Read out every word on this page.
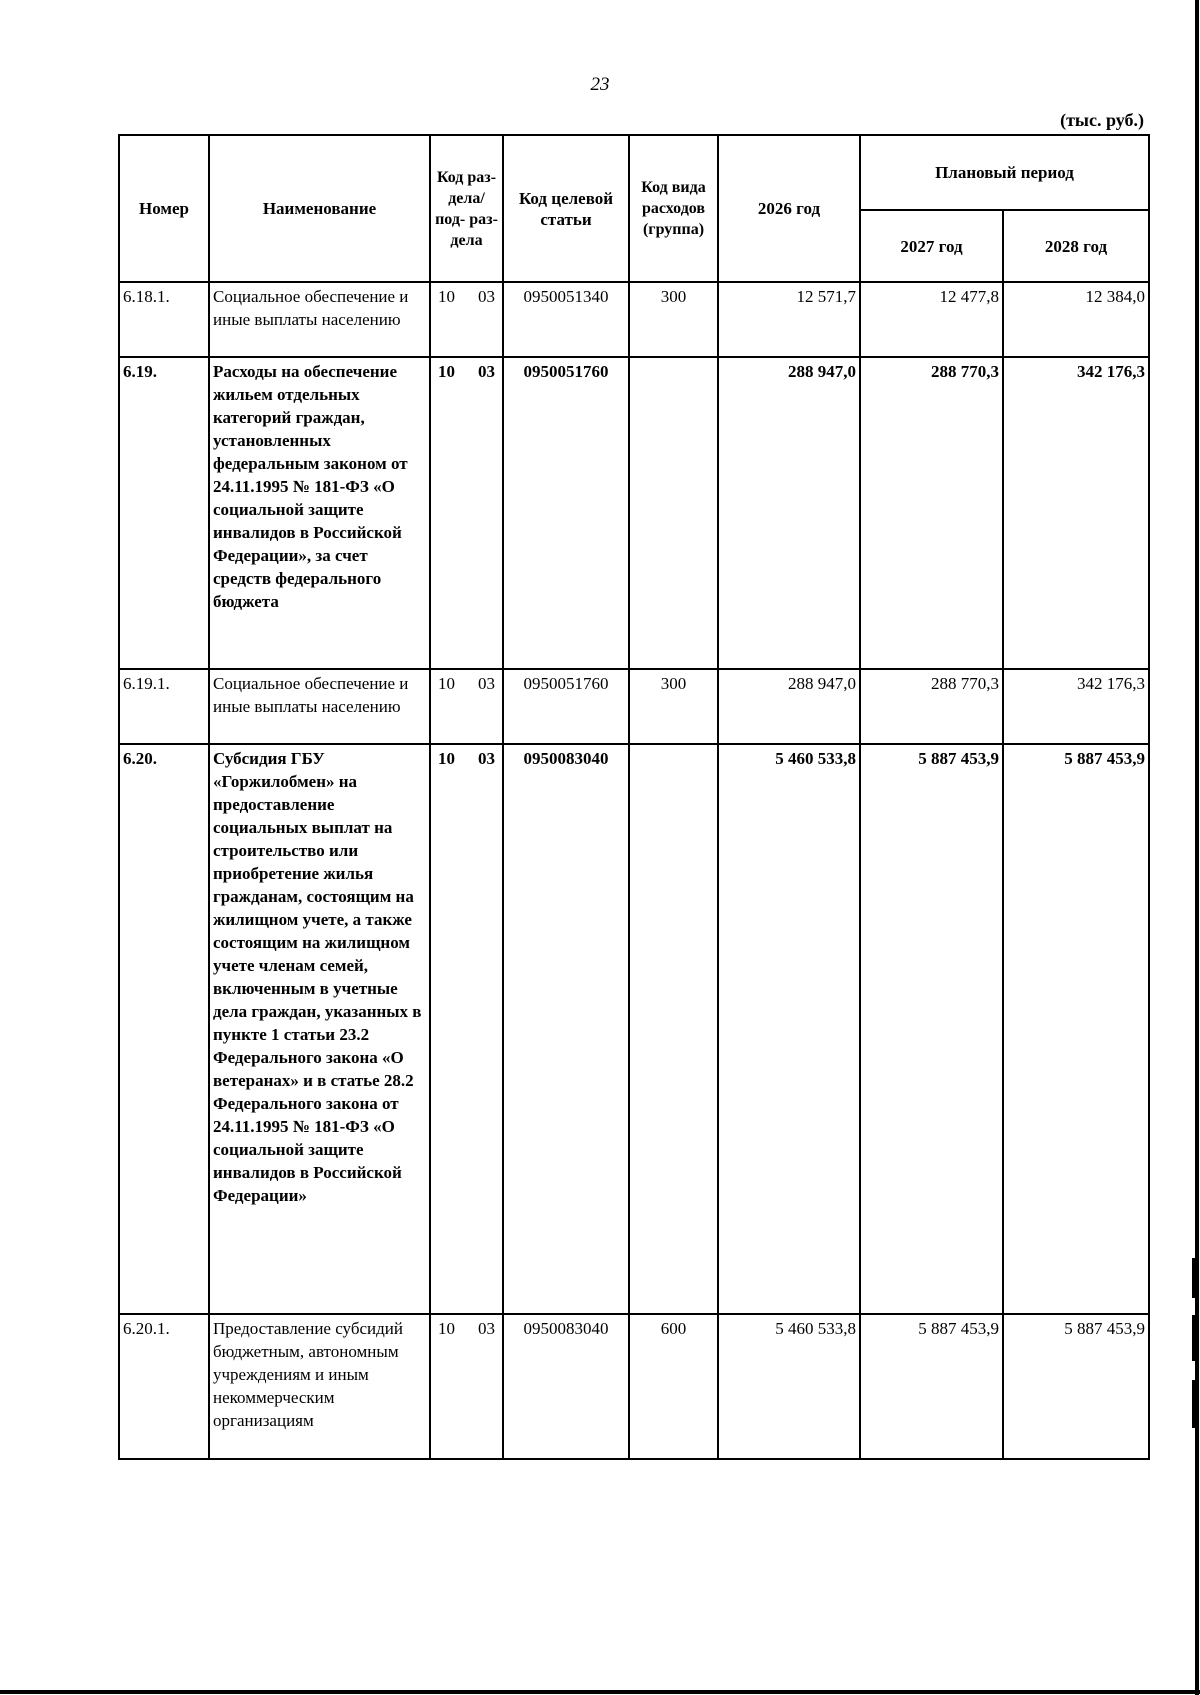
23
(тыс. руб.)
Номер	Наименование	Код раз- дела/ под- раз- дела	Код целевой статьи	Код вида расходов (группа)	2026 год	Плановый период	
						2027 год	2028 год
6.18.1.	Социальное обеспечение и иные выплаты населению	10 03	0950051340	300	12 571,7	12 477,8	12 384,0
6.19.	Расходы на обеспечение жильем отдельных категорий граждан, установленных федеральным законом от 24.11.1995 № 181-ФЗ «О социальной защите инвалидов в Российской Федерации», за счет средств федерального бюджета	10 03	0950051760		288 947,0	288 770,3	342 176,3
6.19.1.	Социальное обеспечение и иные выплаты населению	10 03	0950051760	300	288 947,0	288 770,3	342 176,3
6.20.	Субсидия ГБУ «Горжилобмен» на предоставление социальных выплат на строительство или приобретение жилья гражданам, состоящим на жилищном учете, а также состоящим на жилищном учете членам семей, включенным в учетные дела граждан, указанных в пункте 1 статьи 23.2 Федерального закона «О ветеранах» и в статье 28.2 Федерального закона от 24.11.1995 № 181-ФЗ «О социальной защите инвалидов в Российской Федерации»	10 03	0950083040		5 460 533,8	5 887 453,9	5 887 453,9
6.20.1.	Предоставление субсидий бюджетным, автономным учреждениям и иным некоммерческим организациям	10 03	0950083040	600	5 460 533,8	5 887 453,9	5 887 453,9
